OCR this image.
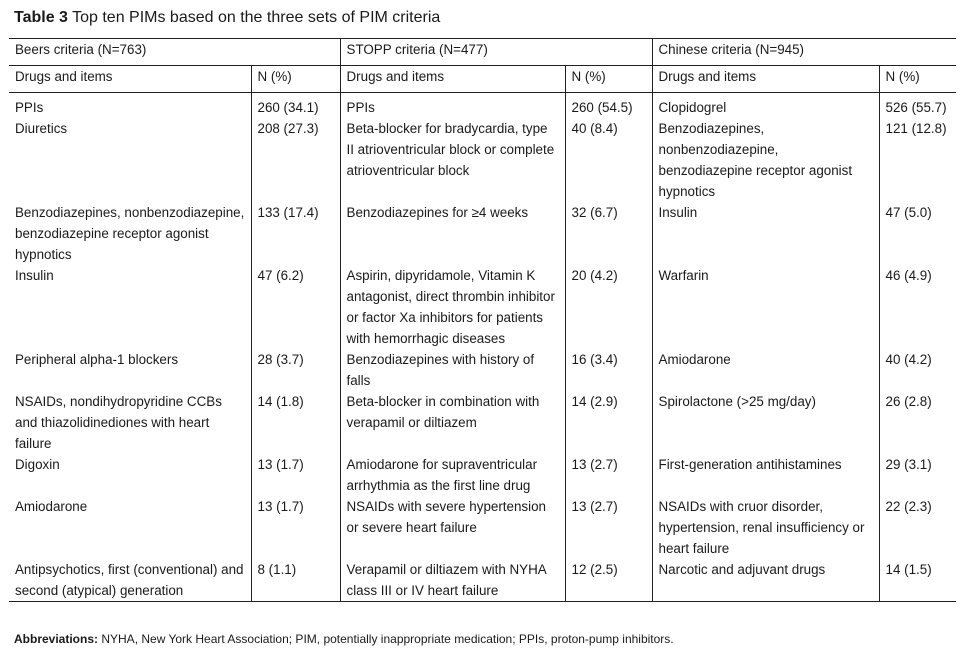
Table 3 Top ten PIMs based on the three sets of PIM criteria
Beers criteria (N=763)		STOPP criteria (N=477)		Chinese criteria (N=945)	
Drugs and items	N (%)	Drugs and items	N (%)	Drugs and items	N (%)
PPIs	260 (34.1)	PPIs	260 (54.5)	Clopidogrel	526 (55.7)
Diuretics	208 (27.3)	Beta-blocker for bradycardia, type II atrioventricular block or complete atrioventricular block	40 (8.4)	Benzodiazepines, nonbenzodiazepine, benzodiazepine receptor agonist hypnotics	121 (12.8)
Benzodiazepines, nonbenzodiazepine, benzodiazepine receptor agonist hypnotics	133 (17.4)	Benzodiazepines for ≥4 weeks	32 (6.7)	Insulin	47 (5.0)
Insulin	47 (6.2)	Aspirin, dipyridamole, Vitamin K antagonist, direct thrombin inhibitor or factor Xa inhibitors for patients with hemorrhagic diseases	20 (4.2)	Warfarin	46 (4.9)
Peripheral alpha-1 blockers	28 (3.7)	Benzodiazepines with history of falls	16 (3.4)	Amiodarone	40 (4.2)
NSAIDs, nondihydropyridine CCBs and thiazolidinediones with heart failure	14 (1.8)	Beta-blocker in combination with verapamil or diltiazem	14 (2.9)	Spirolactone (>25 mg/day)	26 (2.8)
Digoxin	13 (1.7)	Amiodarone for supraventricular arrhythmia as the first line drug	13 (2.7)	First-generation antihistamines	29 (3.1)
Amiodarone	13 (1.7)	NSAIDs with severe hypertension or severe heart failure	13 (2.7)	NSAIDs with cruor disorder, hypertension, renal insufficiency or heart failure	22 (2.3)
Antipsychotics, first (conventional) and second (atypical) generation	8 (1.1)	Verapamil or diltiazem with NYHA class III or IV heart failure	12 (2.5)	Narcotic and adjuvant drugs	14 (1.5)
Abbreviations: NYHA, New York Heart Association; PIM, potentially inappropriate medication; PPIs, proton-pump inhibitors.
